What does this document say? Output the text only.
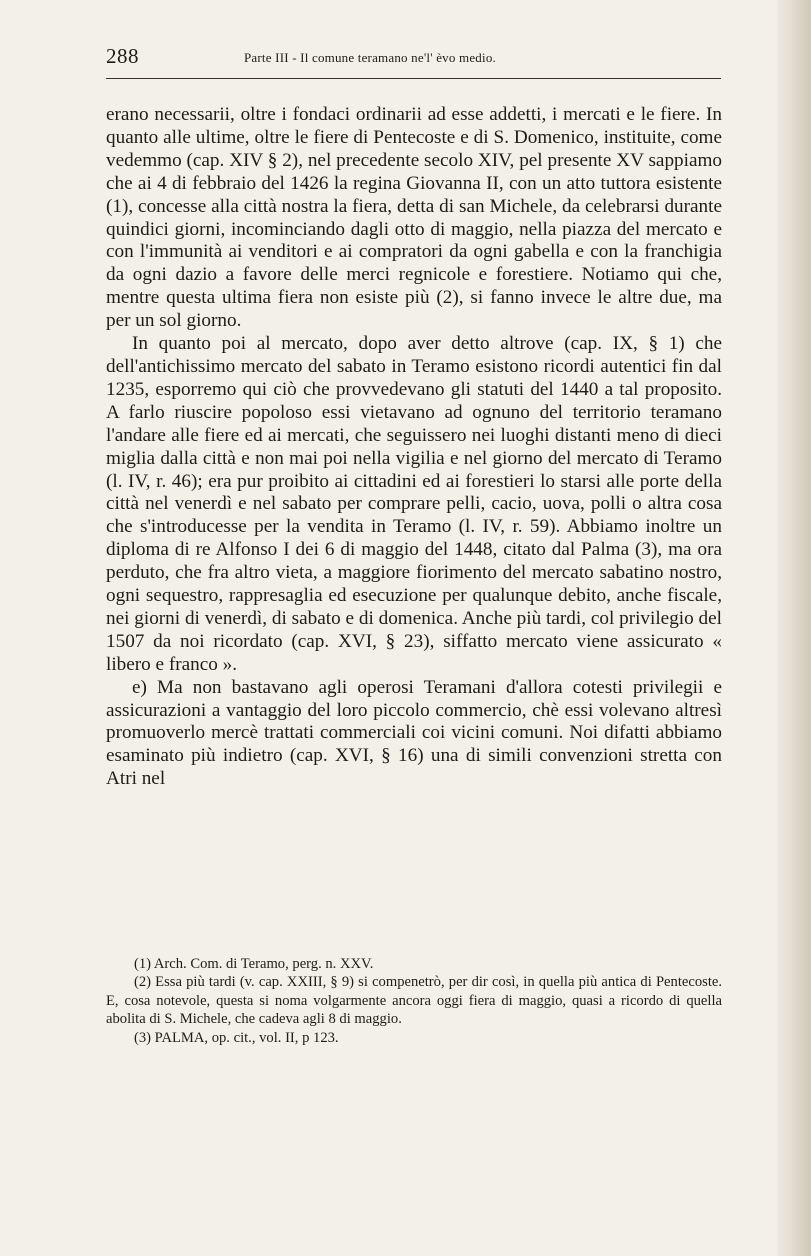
288	Parte III - Il comune teramano ne'l' èvo medio.

erano necessarii, oltre i fondaci ordinarii ad esse addetti, i mercati e le fiere. In quanto alle ultime, oltre le fiere di Pentecoste e di S. Domenico, instituite, come vedemmo (cap. XIV § 2), nel precedente secolo XIV, pel presente XV sappiamo che ai 4 di febbraio del 1426 la regina Giovanna II, con un atto tuttora esistente (1), concesse alla città nostra la fiera, detta di san Michele, da celebrarsi durante quindici giorni, incominciando dagli otto di maggio, nella piazza del mercato e con l'immunità ai venditori e ai compratori da ogni gabella e con la franchigia da ogni dazio a favore delle merci regnicole e forestiere. Notiamo qui che, mentre questa ultima fiera non esiste più (2), si fanno invece le altre due, ma per un sol giorno.

In quanto poi al mercato, dopo aver detto altrove (cap. IX, § 1) che dell'antichissimo mercato del sabato in Teramo esistono ricordi autentici fin dal 1235, esporremo qui ciò che provvedevano gli statuti del 1440 a tal proposito. A farlo riuscire popoloso essi vietavano ad ognuno del territorio teramano l'andare alle fiere ed ai mercati, che seguissero nei luoghi distanti meno di dieci miglia dalla città e non mai poi nella vigilia e nel giorno del mercato di Teramo (l. IV, r. 46); era pur proibito ai cittadini ed ai forestieri lo starsi alle porte della città nel venerdì e nel sabato per comprare pelli, cacio, uova, polli o altra cosa che s'introducesse per la vendita in Teramo (l. IV, r. 59). Abbiamo inoltre un diploma di re Alfonso I dei 6 di maggio del 1448, citato dal Palma (3), ma ora perduto, che fra altro vieta, a maggiore fiorimento del mercato sabatino nostro, ogni sequestro, rappresaglia ed esecuzione per qualunque debito, anche fiscale, nei giorni di venerdì, di sabato e di domenica. Anche più tardi, col privilegio del 1507 da noi ricordato (cap. XVI, § 23), siffatto mercato viene assicurato « libero e franco ».

e) Ma non bastavano agli operosi Teramani d'allora cotesti privilegii e assicurazioni a vantaggio del loro piccolo commercio, chè essi volevano altresì promuoverlo mercè trattati commerciali coi vicini comuni. Noi difatti abbiamo esaminato più indietro (cap. XVI, § 16) una di simili convenzioni stretta con Atri nel

(1) Arch. Com. di Teramo, perg. n. XXV.

(2) Essa più tardi (v. cap. XXIII, § 9) si compenetrò, per dir così, in quella più antica di Pentecoste. E, cosa notevole, questa si noma volgarmente ancora oggi fiera di maggio, quasi a ricordo di quella abolita di S. Michele, che cadeva agli 8 di maggio.

(3) PALMA, op. cit., vol. II, p 123.
